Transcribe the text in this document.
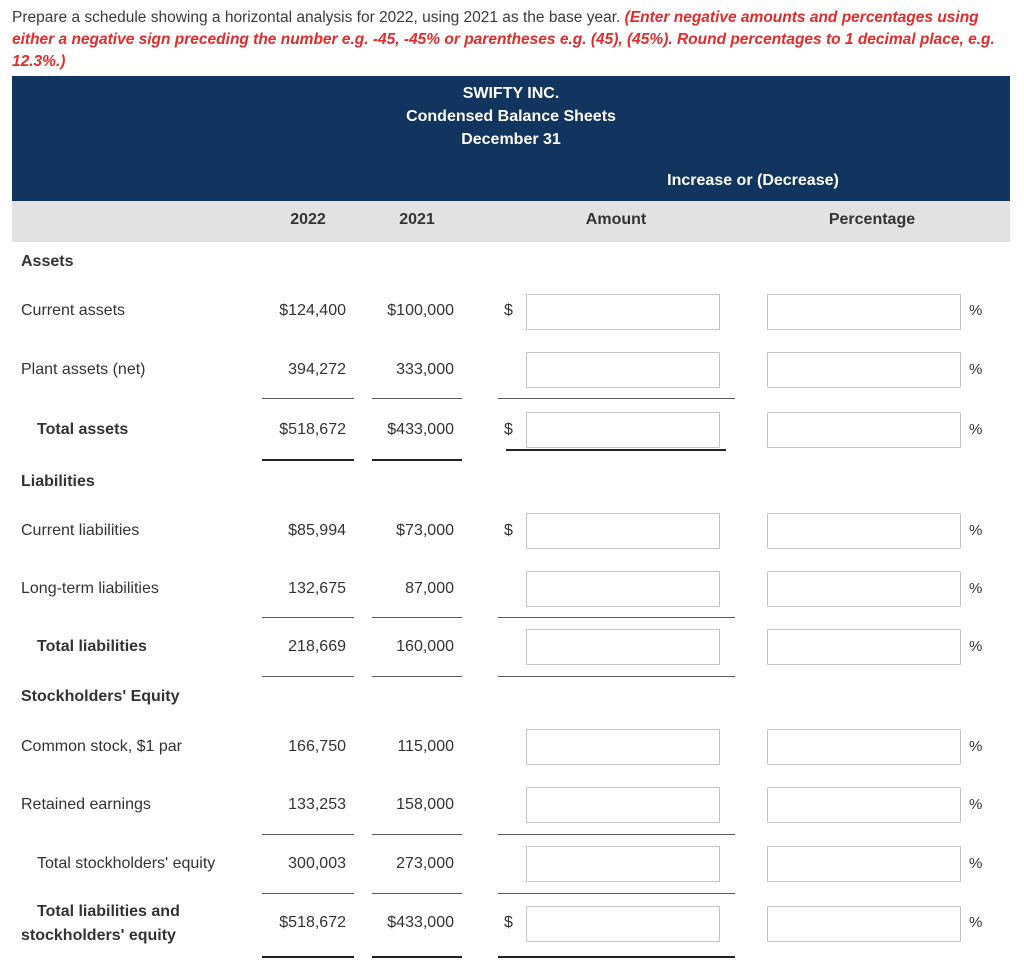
Prepare a schedule showing a horizontal analysis for 2022, using 2021 as the base year. (Enter negative amounts and percentages using either a negative sign preceding the number e.g. -45, -45% or parentheses e.g. (45), (45%). Round percentages to 1 decimal place, e.g. 12.3%.)
SWIFTY INC.
Condensed Balance Sheets
December 31
Increase or (Decrease)
2022	2021	Amount	Percentage
Assets
Current assets	$124,400	$100,000	$	%
Plant assets (net)	394,272	333,000	%
Total assets	$518,672	$433,000	$	%
Liabilities
Current liabilities	$85,994	$73,000	$	%
Long-term liabilities	132,675	87,000	%
Total liabilities	218,669	160,000	%
Stockholders' Equity
Common stock, $1 par	166,750	115,000	%
Retained earnings	133,253	158,000	%
Total stockholders' equity	300,003	273,000	%
Total liabilities and
stockholders' equity
$518,672	$433,000	$	%
